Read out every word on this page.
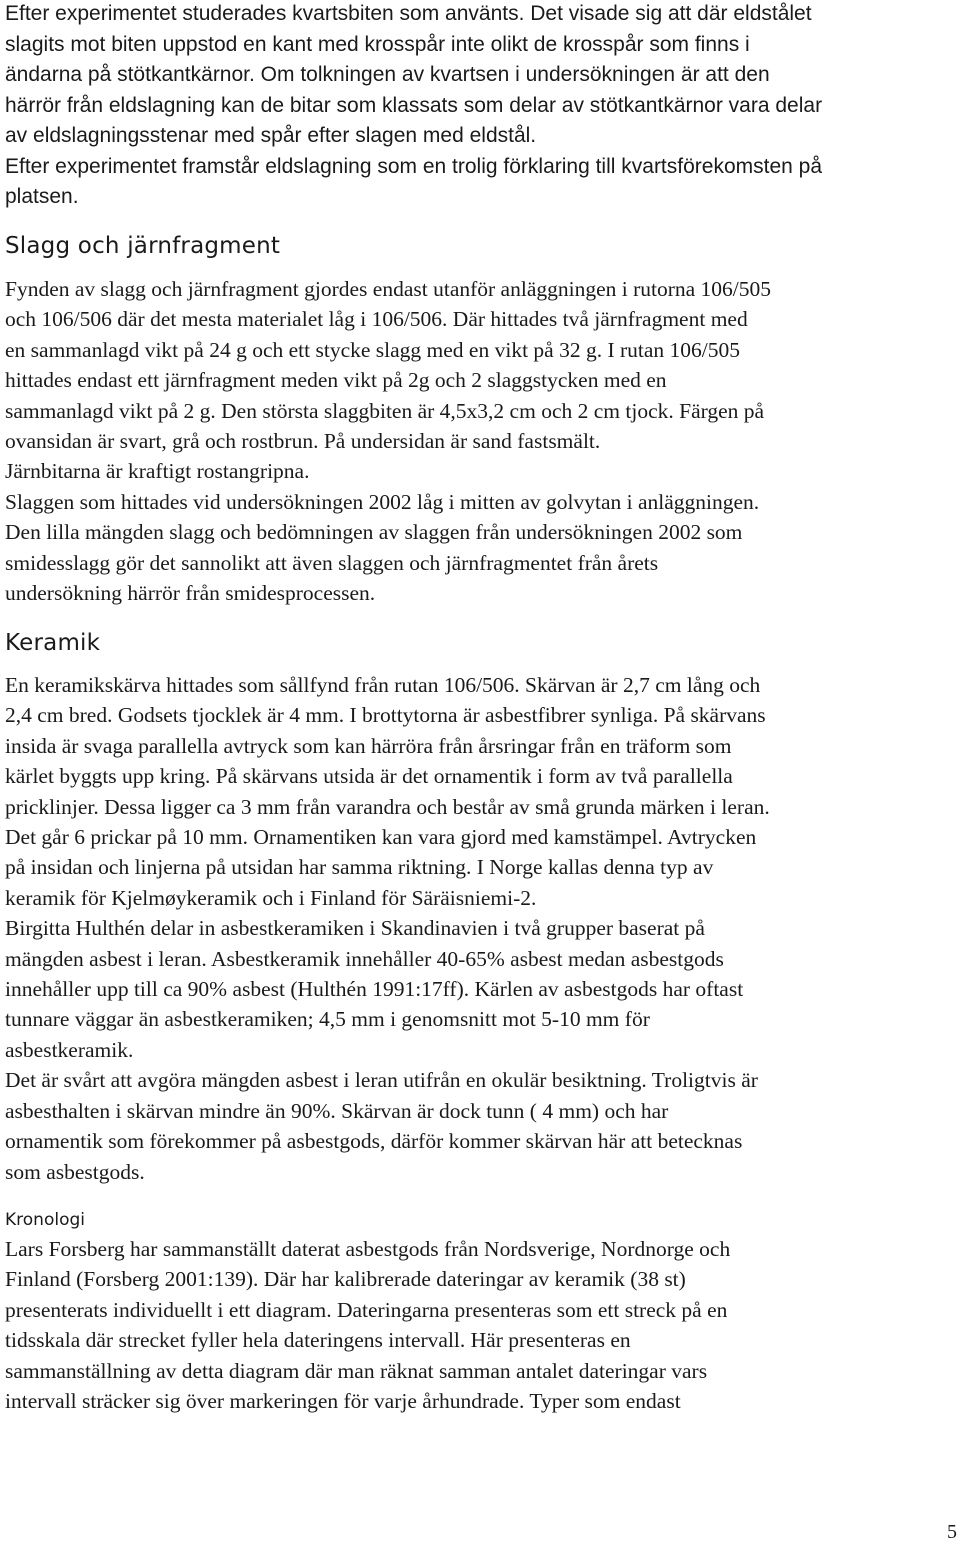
Efter experimentet studerades kvartsbiten som använts. Det visade sig att där eldstålet

slagits mot biten uppstod en kant med krosspår inte olikt de krosspår som finns i

ändarna på stötkantkärnor. Om tolkningen av kvartsen i undersökningen är att den

härrör från eldslagning kan de bitar som klassats som delar av stötkantkärnor vara delar

av eldslagningsstenar med spår efter slagen med eldstål.

Efter experimentet framstår eldslagning som en trolig förklaring till kvartsförekomsten på

platsen.

Slagg och järnfragment

Fynden av slagg och järnfragment gjordes endast utanför anläggningen i rutorna 106/505

och 106/506 där det mesta materialet låg i 106/506. Där hittades två järnfragment med

en sammanlagd vikt på 24 g och ett stycke slagg med en vikt på 32 g. I rutan 106/505

hittades endast ett järnfragment meden vikt på 2g och 2 slaggstycken med en

sammanlagd vikt på 2 g. Den största slaggbiten är 4,5x3,2 cm och 2 cm tjock. Färgen på

ovansidan är svart, grå och rostbrun. På undersidan är sand fastsmält.

Järnbitarna är kraftigt rostangripna.

Slaggen som hittades vid undersökningen 2002 låg i mitten av golvytan i anläggningen.

Den lilla mängden slagg och bedömningen av slaggen från undersökningen 2002 som

smidesslagg gör det sannolikt att även slaggen och järnfragmentet från årets

undersökning härrör från smidesprocessen.

Keramik

En keramikskärva hittades som sållfynd från rutan 106/506. Skärvan är 2,7 cm lång och

2,4 cm bred. Godsets tjocklek är 4 mm. I brottytorna är asbestfibrer synliga. På skärvans

insida är svaga parallella avtryck som kan härröra från årsringar från en träform som

kärlet byggts upp kring. På skärvans utsida är det ornamentik i form av två parallella

pricklinjer. Dessa ligger ca 3 mm från varandra och består av små grunda märken i leran.

Det går 6 prickar på 10 mm. Ornamentiken kan vara gjord med kamstämpel. Avtrycken

på insidan och linjerna på utsidan har samma riktning. I Norge kallas denna typ av

keramik för Kjelmøykeramik och i Finland för Säräisniemi-2.

Birgitta Hulthén delar in asbestkeramiken i Skandinavien i två grupper baserat på

mängden asbest i leran. Asbestkeramik innehåller 40-65% asbest medan asbestgods

innehåller upp till ca 90% asbest (Hulthén 1991:17ff). Kärlen av asbestgods har oftast

tunnare väggar än asbestkeramiken; 4,5 mm i genomsnitt mot 5-10 mm för

asbestkeramik.

Det är svårt att avgöra mängden asbest i leran utifrån en okulär besiktning. Troligtvis är

asbesthalten i skärvan mindre än 90%. Skärvan är dock tunn ( 4 mm) och har

ornamentik som förekommer på asbestgods, därför kommer skärvan här att betecknas

som asbestgods.

Kronologi

Lars Forsberg har sammanställt daterat asbestgods från Nordsverige, Nordnorge och

Finland (Forsberg 2001:139). Där har kalibrerade dateringar av keramik (38 st)

presenterats individuellt i ett diagram. Dateringarna presenteras som ett streck på en

tidsskala där strecket fyller hela dateringens intervall. Här presenteras en

sammanställning av detta diagram där man räknat samman antalet dateringar vars

intervall sträcker sig över markeringen för varje århundrade. Typer som endast

5
